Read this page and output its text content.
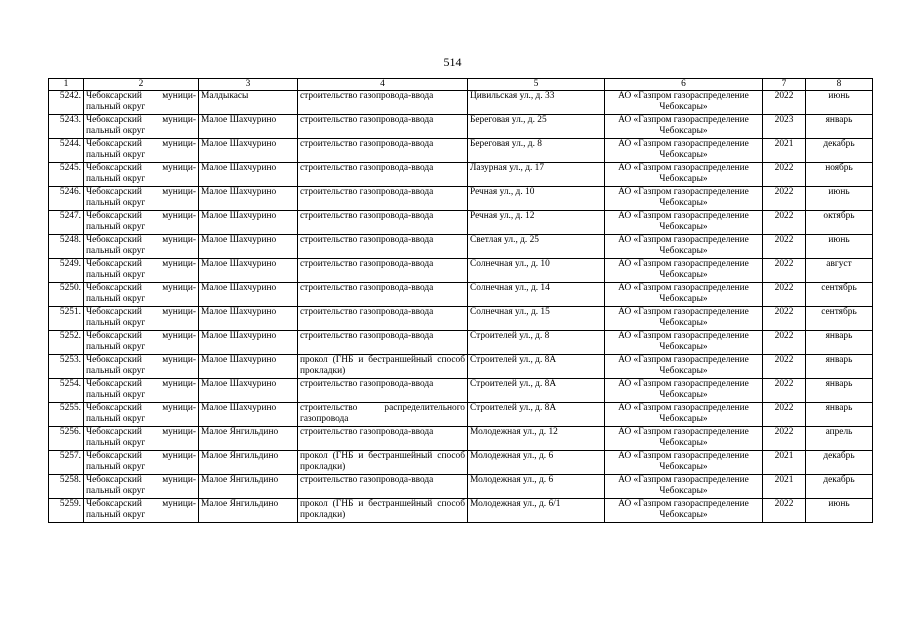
514
1	2	3	4	5	6	7	8
5242.	Чебоксарский муници-пальный округ	Малдыкасы	строительство газопровода-ввода	Цивильская ул., д. 33	АО «Газпром газораспределение Чебоксары»	2022	июнь
5243.	Чебоксарский муници-пальный округ	Малое Шахчурино	строительство газопровода-ввода	Береговая ул., д. 25	АО «Газпром газораспределение Чебоксары»	2023	январь
5244.	Чебоксарский муници-пальный округ	Малое Шахчурино	строительство газопровода-ввода	Береговая ул., д. 8	АО «Газпром газораспределение Чебоксары»	2021	декабрь
5245.	Чебоксарский муници-пальный округ	Малое Шахчурино	строительство газопровода-ввода	Лазурная ул., д. 17	АО «Газпром газораспределение Чебоксары»	2022	ноябрь
5246.	Чебоксарский муници-пальный округ	Малое Шахчурино	строительство газопровода-ввода	Речная ул., д. 10	АО «Газпром газораспределение Чебоксары»	2022	июнь
5247.	Чебоксарский муници-пальный округ	Малое Шахчурино	строительство газопровода-ввода	Речная ул., д. 12	АО «Газпром газораспределение Чебоксары»	2022	октябрь
5248.	Чебоксарский муници-пальный округ	Малое Шахчурино	строительство газопровода-ввода	Светлая ул., д. 25	АО «Газпром газораспределение Чебоксары»	2022	июнь
5249.	Чебоксарский муници-пальный округ	Малое Шахчурино	строительство газопровода-ввода	Солнечная ул., д. 10	АО «Газпром газораспределение Чебоксары»	2022	август
5250.	Чебоксарский муници-пальный округ	Малое Шахчурино	строительство газопровода-ввода	Солнечная ул., д. 14	АО «Газпром газораспределение Чебоксары»	2022	сентябрь
5251.	Чебоксарский муници-пальный округ	Малое Шахчурино	строительство газопровода-ввода	Солнечная ул., д. 15	АО «Газпром газораспределение Чебоксары»	2022	сентябрь
5252.	Чебоксарский муници-пальный округ	Малое Шахчурино	строительство газопровода-ввода	Строителей ул., д. 8	АО «Газпром газораспределение Чебоксары»	2022	январь
5253.	Чебоксарский муници-пальный округ	Малое Шахчурино	прокол (ГНБ и бестраншейный способ прокладки)	Строителей ул., д. 8А	АО «Газпром газораспределение Чебоксары»	2022	январь
5254.	Чебоксарский муници-пальный округ	Малое Шахчурино	строительство газопровода-ввода	Строителей ул., д. 8А	АО «Газпром газораспределение Чебоксары»	2022	январь
5255.	Чебоксарский муници-пальный округ	Малое Шахчурино	строительство распределительного газопровода	Строителей ул., д. 8А	АО «Газпром газораспределение Чебоксары»	2022	январь
5256.	Чебоксарский муници-пальный округ	Малое Янгильдино	строительство газопровода-ввода	Молодежная ул., д. 12	АО «Газпром газораспределение Чебоксары»	2022	апрель
5257.	Чебоксарский муници-пальный округ	Малое Янгильдино	прокол (ГНБ и бестраншейный способ прокладки)	Молодежная ул., д. 6	АО «Газпром газораспределение Чебоксары»	2021	декабрь
5258.	Чебоксарский муници-пальный округ	Малое Янгильдино	строительство газопровода-ввода	Молодежная ул., д. 6	АО «Газпром газораспределение Чебоксары»	2021	декабрь
5259.	Чебоксарский муници-пальный округ	Малое Янгильдино	прокол (ГНБ и бестраншейный способ прокладки)	Молодежная ул., д. 6/1	АО «Газпром газораспределение Чебоксары»	2022	июнь
